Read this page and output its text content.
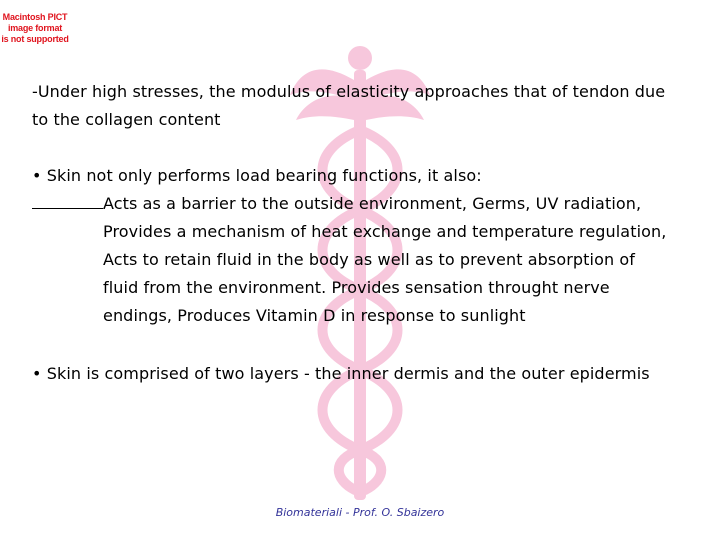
Macintosh PICT
image format
is not supported
-Under high stresses, the modulus of elasticity approaches that of tendon due
to the collagen content
• Skin not only performs load bearing functions, it also:
Acts as a barrier to the outside environment, Germs, UV radiation,
Provides a mechanism of heat exchange and temperature regulation,
Acts to retain fluid in the body as well as to prevent absorption of
fluid from the environment. Provides sensation throught nerve
endings, Produces Vitamin D in response to sunlight
• Skin is comprised of two layers - the inner dermis and the outer epidermis
Biomateriali - Prof. O. Sbaizero
